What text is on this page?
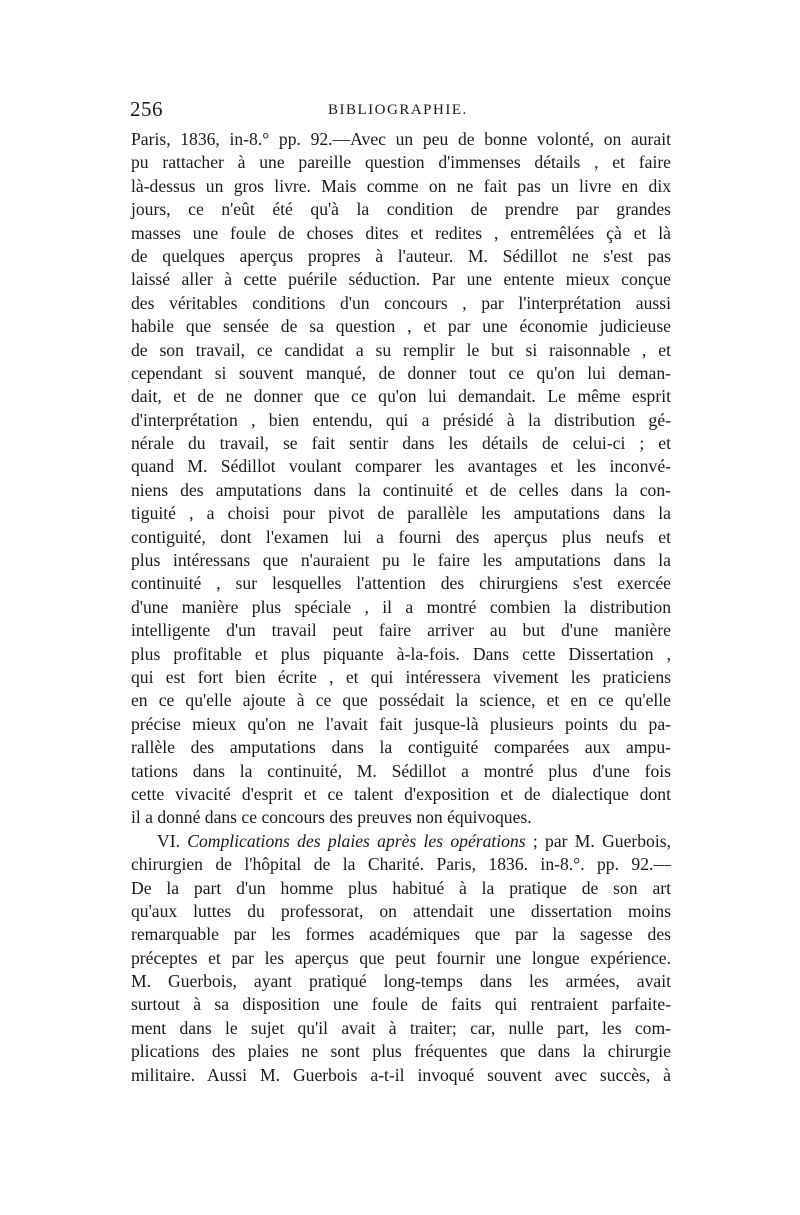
256	BIBLIOGRAPHIE.
Paris, 1836, in-8.° pp. 92.—Avec un peu de bonne volonté, on aurait
pu rattacher à une pareille question d'immenses détails , et faire
là-dessus un gros livre. Mais comme on ne fait pas un livre en dix
jours, ce n'eût été qu'à la condition de prendre par grandes
masses une foule de choses dites et redites , entremêlées çà et là
de quelques aperçus propres à l'auteur. M. Sédillot ne s'est pas
laissé aller à cette puérile séduction. Par une entente mieux conçue
des véritables conditions d'un concours , par l'interprétation aussi
habile que sensée de sa question , et par une économie judicieuse
de son travail, ce candidat a su remplir le but si raisonnable , et
cependant si souvent manqué, de donner tout ce qu'on lui deman-
dait, et de ne donner que ce qu'on lui demandait. Le même esprit
d'interprétation , bien entendu, qui a présidé à la distribution gé-
nérale du travail, se fait sentir dans les détails de celui-ci ; et
quand M. Sédillot voulant comparer les avantages et les inconvé-
niens des amputations dans la continuité et de celles dans la con-
tiguité , a choisi pour pivot de parallèle les amputations dans la
contiguité, dont l'examen lui a fourni des aperçus plus neufs et
plus intéressans que n'auraient pu le faire les amputations dans la
continuité , sur lesquelles l'attention des chirurgiens s'est exercée
d'une manière plus spéciale , il a montré combien la distribution
intelligente d'un travail peut faire arriver au but d'une manière
plus profitable et plus piquante à-la-fois. Dans cette Dissertation ,
qui est fort bien écrite , et qui intéressera vivement les praticiens
en ce qu'elle ajoute à ce que possédait la science, et en ce qu'elle
précise mieux qu'on ne l'avait fait jusque-là plusieurs points du pa-
rallèle des amputations dans la contiguité comparées aux ampu-
tations dans la continuité, M. Sédillot a montré plus d'une fois
cette vivacité d'esprit et ce talent d'exposition et de dialectique dont
il a donné dans ce concours des preuves non équivoques.
VI. Complications des plaies après les opérations ; par M. Guerbois,
chirurgien de l'hôpital de la Charité. Paris, 1836. in-8.°. pp. 92.—
De la part d'un homme plus habitué à la pratique de son art
qu'aux luttes du professorat, on attendait une dissertation moins
remarquable par les formes académiques que par la sagesse des
préceptes et par les aperçus que peut fournir une longue expérience.
M. Guerbois, ayant pratiqué long-temps dans les armées, avait
surtout à sa disposition une foule de faits qui rentraient parfaite-
ment dans le sujet qu'il avait à traiter; car, nulle part, les com-
plications des plaies ne sont plus fréquentes que dans la chirurgie
militaire. Aussi M. Guerbois a-t-il invoqué souvent avec succès, à
